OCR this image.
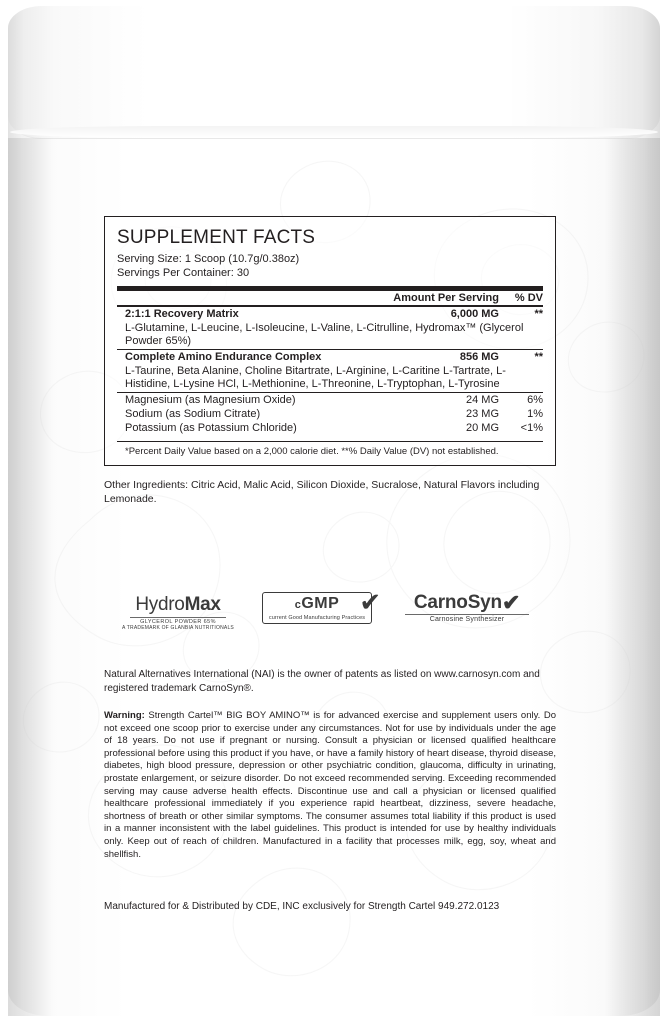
SUPPLEMENT FACTS
Serving Size: 1 Scoop (10.7g/0.38oz)
Servings Per Container: 30
	Amount Per Serving	% DV
2:1:1 Recovery Matrix	6,000 MG	**
L-Glutamine, L-Leucine, L-Isoleucine, L-Valine, L-Citrulline, Hydromax™ (Glycerol Powder 65%)
Complete Amino Endurance Complex	856 MG	**
L-Taurine, Beta Alanine, Choline Bitartrate, L-Arginine, L-Caritine L-Tartrate, L-Histidine, L-Lysine HCl, L-Methionine, L-Threonine, L-Tryptophan, L-Tyrosine
Magnesium (as Magnesium Oxide)	24 MG	6%
Sodium (as Sodium Citrate)	23 MG	1%
Potassium (as Potassium Chloride)	20 MG	<1%
*Percent Daily Value based on a 2,000 calorie diet. **% Daily Value (DV) not established.
Other Ingredients: Citric Acid, Malic Acid, Silicon Dioxide, Sucralose, Natural Flavors including Lemonade.
HydroMax
GLYCEROL POWDER 65%
A TRADEMARK OF GLANBIA NUTRITIONALS
cGMP
current Good Manufacturing Practices
✔	CarnoSyn✔
Carnosine Synthesizer
Natural Alternatives International (NAI) is the owner of patents as listed on www.carnosyn.com and registered trademark CarnoSyn®.
Warning: Strength Cartel™ BIG BOY AMINO™ is for advanced exercise and supplement users only. Do not exceed one scoop prior to exercise under any circumstances. Not for use by individuals under the age of 18 years. Do not use if pregnant or nursing. Consult a physician or licensed qualified healthcare professional before using this product if you have, or have a family history of heart disease, thyroid disease, diabetes, high blood pressure, depression or other psychiatric condition, glaucoma, difficulty in urinating, prostate enlargement, or seizure disorder. Do not exceed recommended serving. Exceeding recommended serving may cause adverse health effects. Discontinue use and call a physician or licensed qualified healthcare professional immediately if you experience rapid heartbeat, dizziness, severe headache, shortness of breath or other similar symptoms. The consumer assumes total liability if this product is used in a manner inconsistent with the label guidelines. This product is intended for use by healthy individuals only. Keep out of reach of children. Manufactured in a facility that processes milk, egg, soy, wheat and shellfish.
Manufactured for & Distributed by CDE, INC exclusively for Strength Cartel 949.272.0123
